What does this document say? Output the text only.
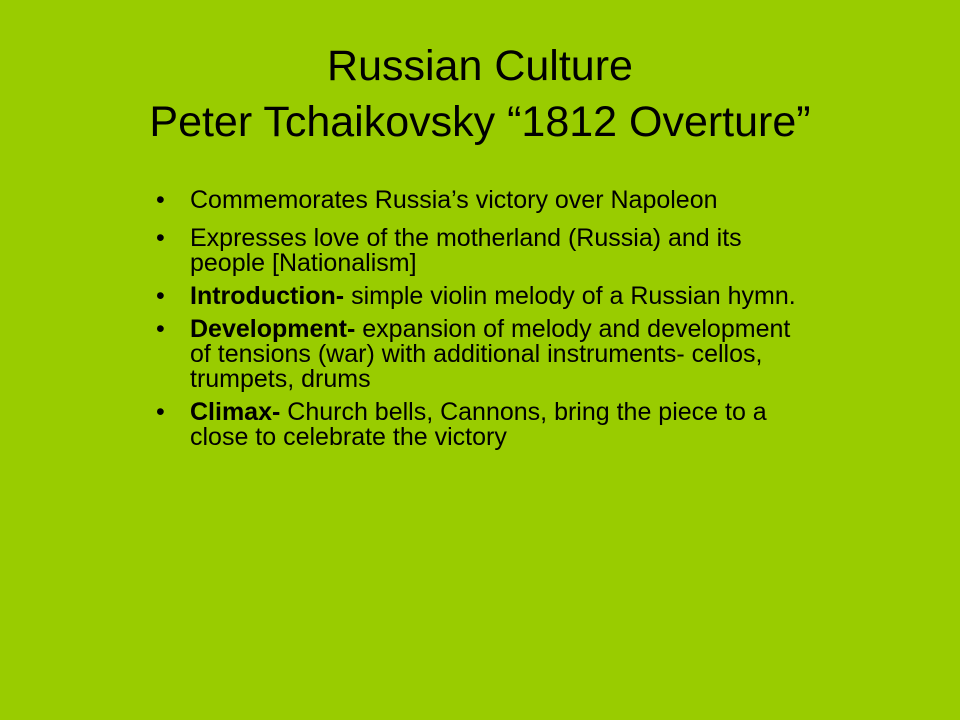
Russian Culture
Peter Tchaikovsky “1812 Overture”
• Commemorates Russia’s victory over Napoleon
• Expresses love of the motherland (Russia) and its people [Nationalism]
• Introduction- simple violin melody of a Russian hymn.
• Development- expansion of melody and development of tensions (war) with additional instruments- cellos, trumpets, drums
• Climax- Church bells, Cannons, bring the piece to a close to celebrate the victory
